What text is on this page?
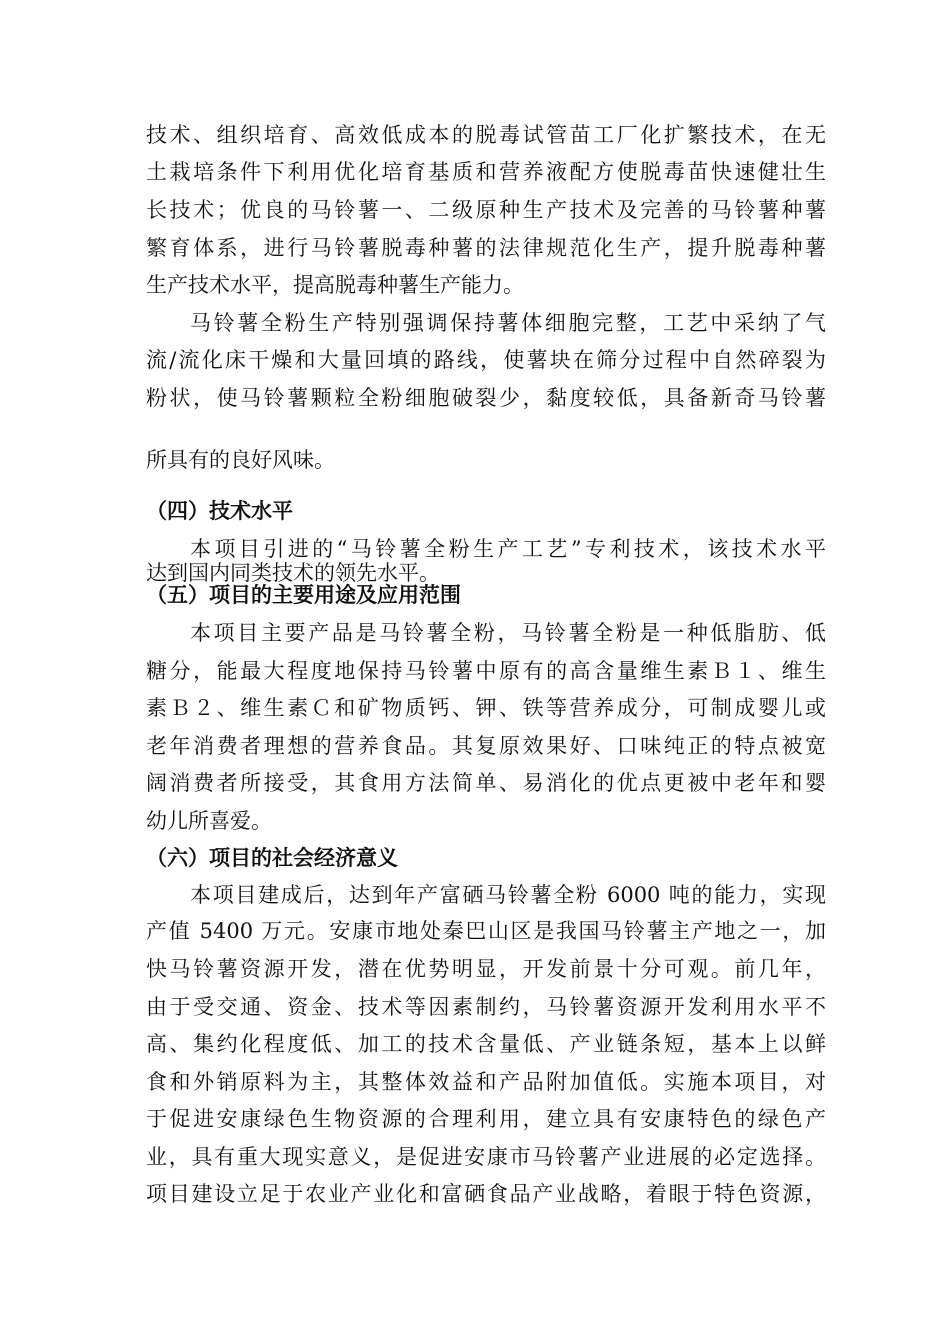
技术、组织培育、高效低成本的脱毒试管苗工厂化扩繁技术，在无
土栽培条件下利用优化培育基质和营养液配方使脱毒苗快速健壮生
长技术；优良的马铃薯一、二级原种生产技术及完善的马铃薯种薯
繁育体系，进行马铃薯脱毒种薯的法律规范化生产，提升脱毒种薯
生产技术水平，提高脱毒种薯生产能力。
马铃薯全粉生产特别强调保持薯体细胞完整，工艺中采纳了气
流/流化床干燥和大量回填的路线，使薯块在筛分过程中自然碎裂为
粉状，使马铃薯颗粒全粉细胞破裂少，黏度较低，具备新奇马铃薯
所具有的良好风味。
（四）技术水平
本项目引进的“马铃薯全粉生产工艺”专利技术，该技术水平
达到国内同类技术的领先水平。
（五）项目的主要用途及应用范围
本项目主要产品是马铃薯全粉，马铃薯全粉是一种低脂肪、低
糖分，能最大程度地保持马铃薯中原有的高含量维生素Ｂ１、维生
素Ｂ２、维生素Ｃ和矿物质钙、钾、铁等营养成分，可制成婴儿或
老年消费者理想的营养食品。其复原效果好、口味纯正的特点被宽
阔消费者所接受，其食用方法简单、易消化的优点更被中老年和婴
幼儿所喜爱。
（六）项目的社会经济意义
本项目建成后，达到年产富硒马铃薯全粉 6000 吨的能力，实现
产值 5400 万元。安康市地处秦巴山区是我国马铃薯主产地之一，加
快马铃薯资源开发，潜在优势明显，开发前景十分可观。前几年，
由于受交通、资金、技术等因素制约，马铃薯资源开发利用水平不
高、集约化程度低、加工的技术含量低、产业链条短，基本上以鲜
食和外销原料为主，其整体效益和产品附加值低。实施本项目，对
于促进安康绿色生物资源的合理利用，建立具有安康特色的绿色产
业，具有重大现实意义，是促进安康市马铃薯产业进展的必定选择。
项目建设立足于农业产业化和富硒食品产业战略，着眼于特色资源，
